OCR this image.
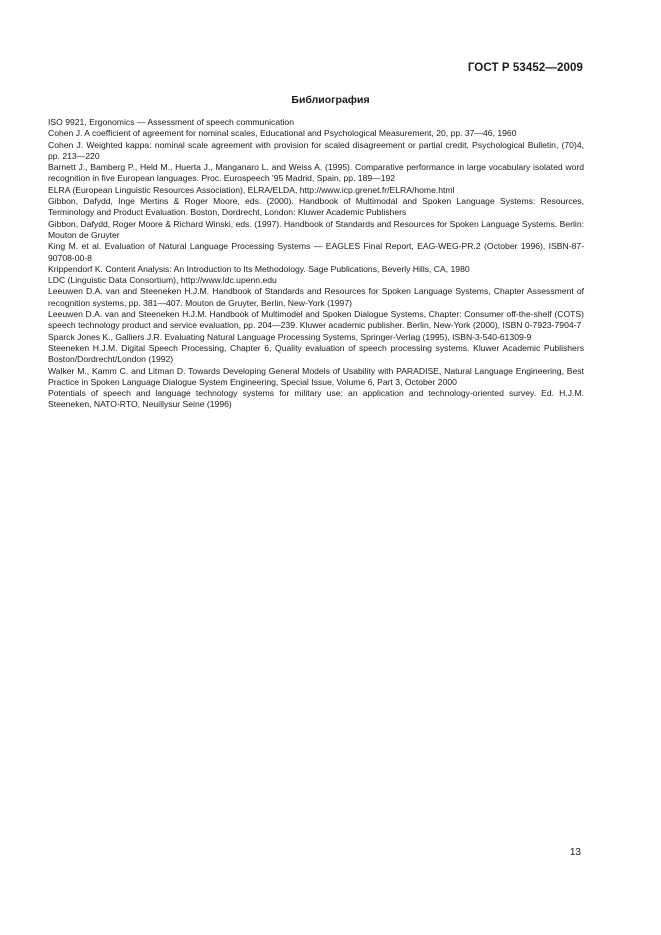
ГОСТ Р 53452—2009
Библиография

ISO 9921, Ergonomics — Assessment of speech communication

Cohen J. A coefficient of agreement for nominal scales, Educational and Psychological Measurement, 20, pp. 37—46, 1960

Cohen J. Weighted kappa: nominal scale agreement with provision for scaled disagreement or partial credit, Psychological Bulletin, (70)4, pp. 213—220

Barnett J., Bamberg P., Held M., Huerta J., Manganaro L. and Weiss A. (1995). Comparative performance in large vocabulary isolated word recognition in five European languages. Proc. Eurospeech '95 Madrid, Spain, pp. 189—192

ELRA (European Linguistic Resources Association), ELRA/ELDA, http://www.icp.grenet.fr/ELRA/home.html

Gibbon, Dafydd, Inge Mertins & Roger Moore, eds. (2000). Handbook of Multimodal and Spoken Language Systems: Resources, Terminology and Product Evaluation. Boston, Dordrecht, London: Kluwer Academic Publishers

Gibbon, Dafydd, Roger Moore & Richard Winski, eds. (1997). Handbook of Standards and Resources for Spoken Language Systems. Berlin: Mouton de Gruyter

King M. et al. Evaluation of Natural Language Processing Systems — EAGLES Final Report, EAG-WEG-PR.2 (October 1996), ISBN-87-90708-00-8

Krippendorf K. Content Analysis: An Introduction to Its Methodology. Sage Publications, Beverly Hills, CA, 1980

LDC (Linguistic Data Consortium), http://www.ldc.upenn.edu

Leeuwen D.A. van and Steeneken H.J.M. Handbook of Standards and Resources for Spoken Language Systems, Chapter Assessment of recognition systems, pp. 381—407. Mouton de Gruyter, Berlin, New-York (1997)

Leeuwen D.A. van and Steeneken H.J.M. Handbook of Multimodel and Spoken Dialogue Systems, Chapter: Consumer off-the-shelf (COTS) speech technology product and service evaluation, pp. 204—239. Kluwer academic publisher. Berlin, New-York (2000), ISBN 0-7923-7904-7

Sparck Jones K., Galliers J.R. Evaluating Natural Language Processing Systems, Springer-Verlag (1995), ISBN-3-540-61309-9

Steeneken H.J.M. Digital Speech Processing, Chapter 6, Quality evaluation of speech processing systems. Kluwer Academic Publishers Boston/Dordrecht/London (1992)

Walker M., Kamm C. and Litman D. Towards Developing General Models of Usability with PARADISE, Natural Language Engineering, Best Practice in Spoken Language Dialogue System Engineering, Special Issue, Volume 6, Part 3, October 2000

Potentials of speech and language technology systems for military use: an application and technology-oriented survey. Ed. H.J.M. Steeneken, NATO-RTO, Neuillysur Seine (1996)

13
